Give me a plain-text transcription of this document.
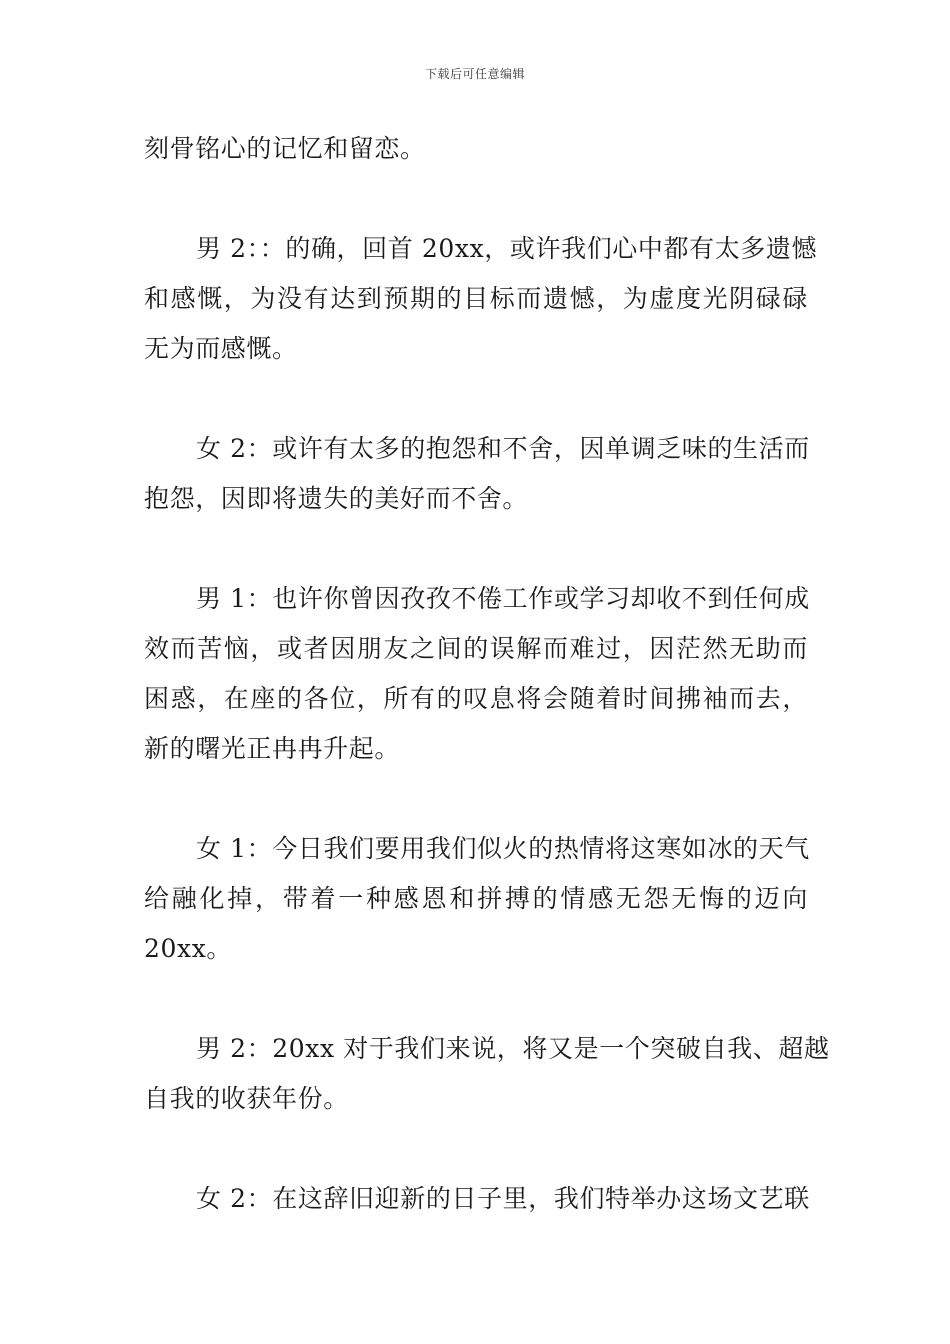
下载后可任意编辑

刻骨铭心的记忆和留恋。

男 2：：的确，回首 20xx，或许我们心中都有太多遗憾
和感慨，为没有达到预期的目标而遗憾，为虚度光阴碌碌
无为而感慨。

女 2：或许有太多的抱怨和不舍，因单调乏味的生活而
抱怨，因即将遗失的美好而不舍。

男 1：也许你曾因孜孜不倦工作或学习却收不到任何成
效而苦恼，或者因朋友之间的误解而难过，因茫然无助而
困惑，在座的各位，所有的叹息将会随着时间拂袖而去，
新的曙光正冉冉升起。

女 1：今日我们要用我们似火的热情将这寒如冰的天气
给融化掉，带着一种感恩和拼搏的情感无怨无悔的迈向
20xx。

男 2：20xx 对于我们来说，将又是一个突破自我、超越
自我的收获年份。

女 2：在这辞旧迎新的日子里，我们特举办这场文艺联
